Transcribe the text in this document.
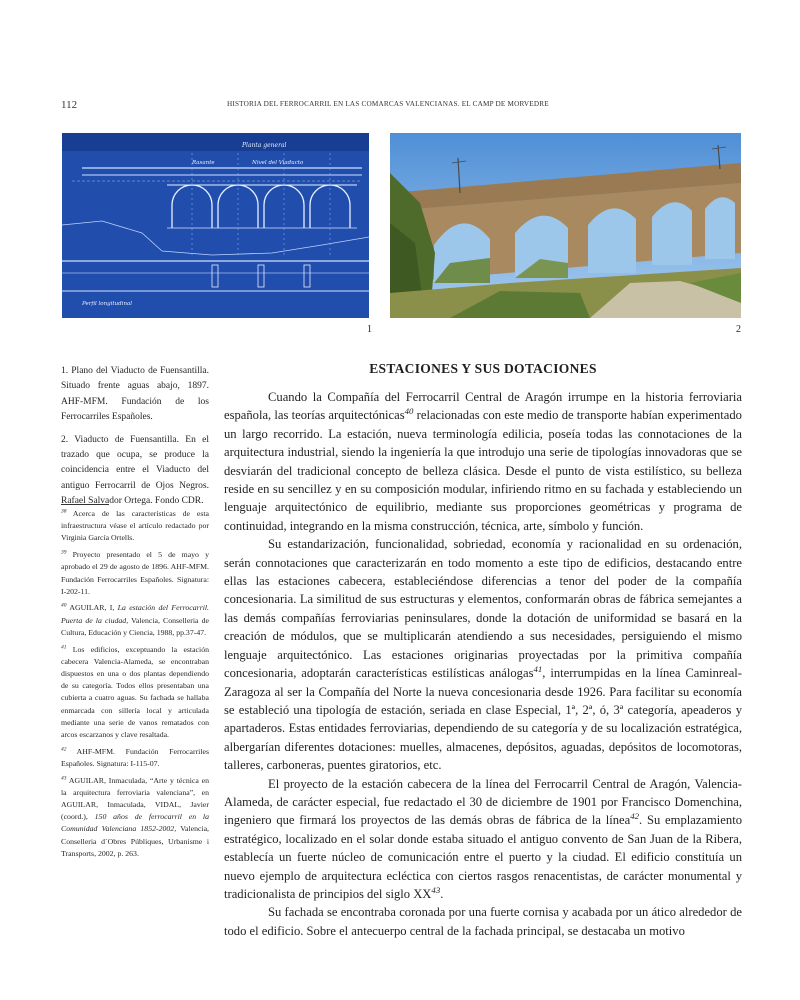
112	HISTORIA DEL FERROCARRIL EN LAS COMARCAS VALENCIANAS. EL CAMP DE MORVEDRE
Planta general
Rasante	Nivel del Viaducto
Perfil longitudinal
1	2

1. Plano del Viaducto de Fuensantilla. Situado frente aguas abajo, 1897. AHF-MFM. Fundación de los Ferrocarriles Españoles.

2. Viaducto de Fuensantilla. En el trazado que ocupa, se produce la coincidencia entre el Viaducto del antiguo Ferrocarril de Ojos Negros. Rafael Salvador Ortega. Fondo CDR.

$^{38}$ Acerca de las características de esta infraestructura véase el artículo redactado por Virginia García Ortells.

$^{39}$ Proyecto presentado el 5 de mayo y aprobado el 29 de agosto de 1896. AHF-MFM. Fundación Ferrocarriles Españoles. Signatura: I-202-11.

$^{40}$ AGUILAR, I, La estación del Ferrocarril. Puerta de la ciudad, Valencia, Conselleria de Cultura, Educación y Ciencia, 1988, pp.37-47.

$^{41}$ Los edificios, exceptuando la estación cabecera Valencia-Alameda, se encontraban dispuestos en una o dos plantas dependiendo de su categoría. Todos ellos presentaban una cubierta a cuatro aguas. Su fachada se hallaba enmarcada con sillería local y articulada mediante una serie de vanos rematados con arcos escarzanos y clave resaltada.

$^{42}$ AHF-MFM. Fundación Ferrocarriles Españoles. Signatura: I-115-07.

$^{43}$ AGUILAR, Inmaculada, “Arte y técnica en la arquitectura ferroviaria valenciana”, en AGUILAR, Inmaculada, VIDAL, Javier (coord.), 150 años de ferrocarril en la Comunidad Valenciana 1852-2002, Valencia, Conselleria d´Obres Públiques, Urbanisme i Transports, 2002, p. 263.

ESTACIONES Y SUS DOTACIONES

Cuando la Compañía del Ferrocarril Central de Aragón irrumpe en la historia ferroviaria española, las teorías arquitectónicas$^{40}$ relacionadas con este medio de transporte habían experimentado un largo recorrido. La estación, nueva terminología edilicia, poseía todas las connotaciones de la arquitectura industrial, siendo la ingeniería la que introdujo una serie de tipologías innovadoras que se desviarán del tradicional concepto de belleza clásica. Desde el punto de vista estilístico, su belleza reside en su sencillez y en su composición modular, infiriendo ritmo en su fachada y estableciendo un lenguaje arquitectónico de equilibrio, mediante sus proporciones geométricas y programa de continuidad, integrando en la misma construcción, técnica, arte, símbolo y función.

Su estandarización, funcionalidad, sobriedad, economía y racionalidad en su ordenación, serán connotaciones que caracterizarán en todo momento a este tipo de edificios, destacando entre ellas las estaciones cabecera, estableciéndose diferencias a tenor del poder de la compañía concesionaria. La similitud de sus estructuras y elementos, conformarán obras de fábrica semejantes a las demás compañías ferroviarias peninsulares, donde la dotación de uniformidad se basará en la creación de módulos, que se multiplicarán atendiendo a sus necesidades, persiguiendo el mismo lenguaje arquitectónico. Las estaciones originarias proyectadas por la primitiva compañía concesionaria, adoptarán características estilísticas análogas$^{41}$, interrumpidas en la línea Caminreal-Zaragoza al ser la Compañía del Norte la nueva concesionaria desde 1926. Para facilitar su economía se estableció una tipología de estación, seriada en clase Especial, 1ª, 2ª, ó, 3ª categoría, apeaderos y apartaderos. Estas entidades ferroviarias, dependiendo de su categoría y de su localización estratégica, albergarían diferentes dotaciones: muelles, almacenes, depósitos, aguadas, depósitos de locomotoras, talleres, carboneras, puentes giratorios, etc.

El proyecto de la estación cabecera de la línea del Ferrocarril Central de Aragón, Valencia-Alameda, de carácter especial, fue redactado el 30 de diciembre de 1901 por Francisco Domenchina, ingeniero que firmará los proyectos de las demás obras de fábrica de la línea$^{42}$. Su emplazamiento estratégico, localizado en el solar donde estaba situado el antiguo convento de San Juan de la Ribera, establecía un fuerte núcleo de comunicación entre el puerto y la ciudad. El edificio constituía un nuevo ejemplo de arquitectura ecléctica con ciertos rasgos renacentistas, de carácter monumental y tradicionalista de principios del siglo XX$^{43}$.

Su fachada se encontraba coronada por una fuerte cornisa y acabada por un ático alrededor de todo el edificio. Sobre el antecuerpo central de la fachada principal, se destacaba un motivo
